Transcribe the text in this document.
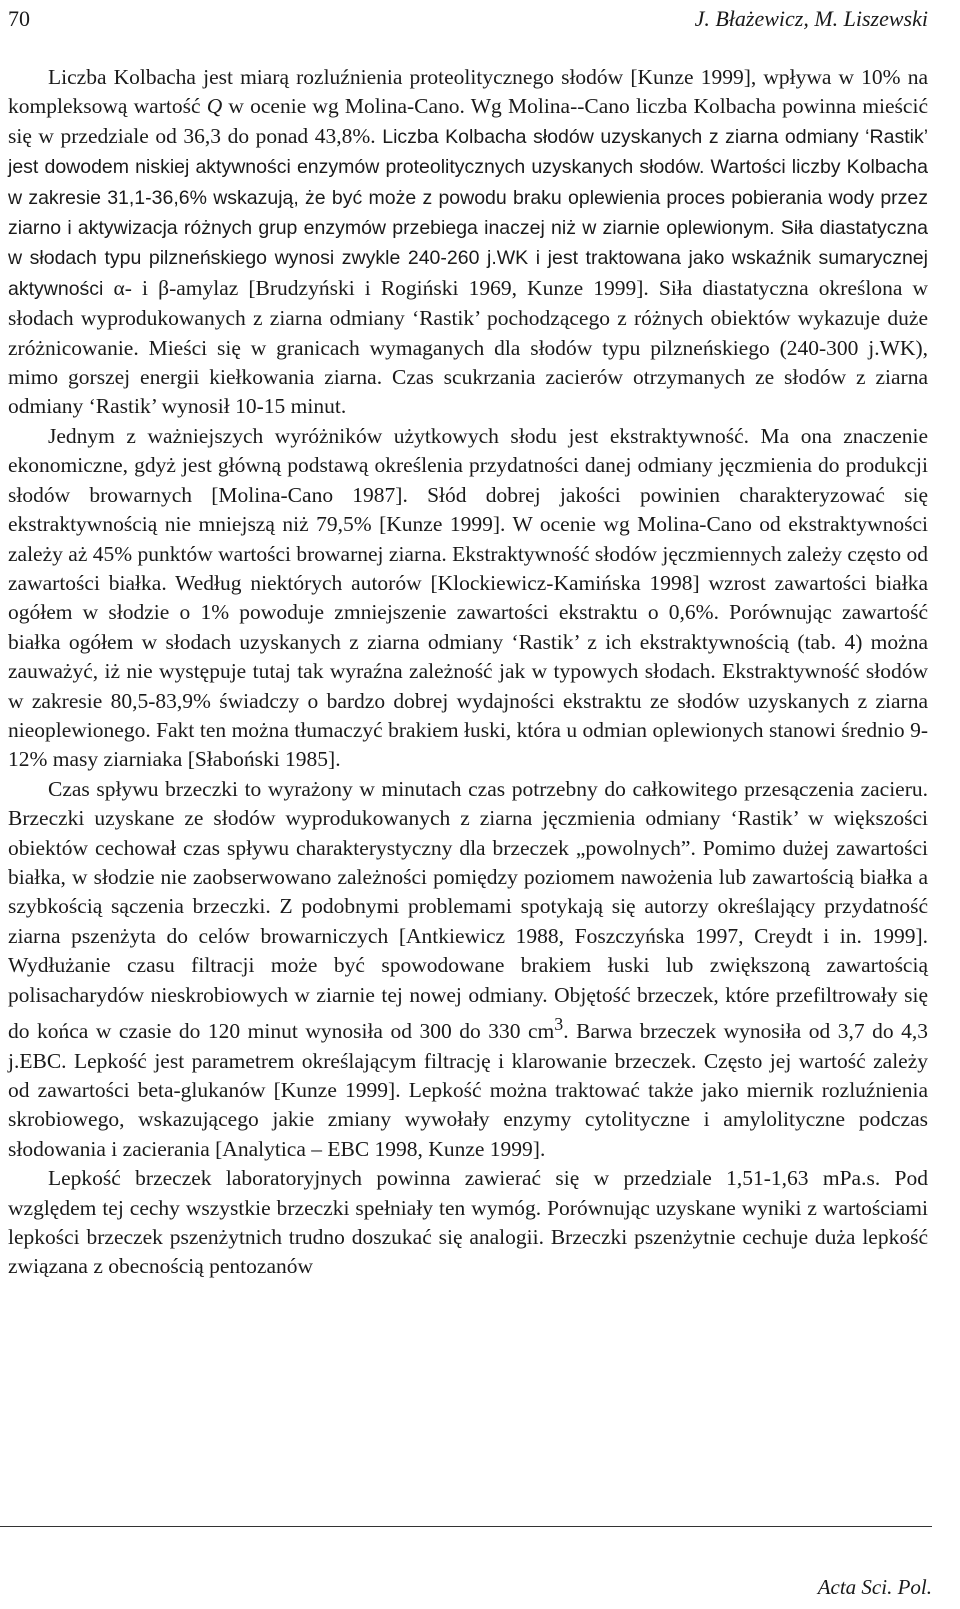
70	J. Błażewicz, M. Liszewski

Liczba Kolbacha jest miarą rozluźnienia proteolitycznego słodów [Kunze 1999], wpływa w 10% na kompleksową wartość Q w ocenie wg Molina-Cano. Wg Molina--Cano liczba Kolbacha powinna mieścić się w przedziale od 36,3 do ponad 43,8%. Liczba Kolbacha słodów uzyskanych z ziarna odmiany ‘Rastik’ jest dowodem niskiej aktywności enzymów proteolitycznych uzyskanych słodów. Wartości liczby Kolbacha w zakresie 31,1-36,6% wskazują, że być może z powodu braku oplewienia proces pobierania wody przez ziarno i aktywizacja różnych grup enzymów przebiega inaczej niż w ziarnie oplewionym. Siła diastatyczna w słodach typu pilzneńskiego wynosi zwykle 240-260 j.WK i jest traktowana jako wskaźnik sumarycznej aktywności α- i β-amylaz [Brudzyński i Rogiński 1969, Kunze 1999]. Siła diastatyczna określona w słodach wyprodukowanych z ziarna odmiany ‘Rastik’ pochodzącego z różnych obiektów wykazuje duże zróżnicowanie. Mieści się w granicach wymaganych dla słodów typu pilzneńskiego (240-300 j.WK), mimo gorszej energii kiełkowania ziarna. Czas scukrzania zacierów otrzymanych ze słodów z ziarna odmiany ‘Rastik’ wynosił 10-15 minut.

Jednym z ważniejszych wyróżników użytkowych słodu jest ekstraktywność. Ma ona znaczenie ekonomiczne, gdyż jest główną podstawą określenia przydatności danej odmiany jęczmienia do produkcji słodów browarnych [Molina-Cano 1987]. Słód dobrej jakości powinien charakteryzować się ekstraktywnością nie mniejszą niż 79,5% [Kunze 1999]. W ocenie wg Molina-Cano od ekstraktywności zależy aż 45% punktów wartości browarnej ziarna. Ekstraktywność słodów jęczmiennych zależy często od zawartości białka. Według niektórych autorów [Klockiewicz-Kamińska 1998] wzrost zawartości białka ogółem w słodzie o 1% powoduje zmniejszenie zawartości ekstraktu o 0,6%. Porównując zawartość białka ogółem w słodach uzyskanych z ziarna odmiany ‘Rastik’ z ich ekstraktywnością (tab. 4) można zauważyć, iż nie występuje tutaj tak wyraźna zależność jak w typowych słodach. Ekstraktywność słodów w zakresie 80,5-83,9% świadczy o bardzo dobrej wydajności ekstraktu ze słodów uzyskanych z ziarna nieoplewionego. Fakt ten można tłumaczyć brakiem łuski, która u odmian oplewionych stanowi średnio 9-12% masy ziarniaka [Słaboński 1985].

Czas spływu brzeczki to wyrażony w minutach czas potrzebny do całkowitego przesączenia zacieru. Brzeczki uzyskane ze słodów wyprodukowanych z ziarna jęczmienia odmiany ‘Rastik’ w większości obiektów cechował czas spływu charakterystyczny dla brzeczek „powolnych”. Pomimo dużej zawartości białka, w słodzie nie zaobserwowano zależności pomiędzy poziomem nawożenia lub zawartością białka a szybkością sączenia brzeczki. Z podobnymi problemami spotykają się autorzy określający przydatność ziarna pszenżyta do celów browarniczych [Antkiewicz 1988, Foszczyńska 1997, Creydt i in. 1999]. Wydłużanie czasu filtracji może być spowodowane brakiem łuski lub zwiększoną zawartością polisacharydów nieskrobiowych w ziarnie tej nowej odmiany. Objętość brzeczek, które przefiltrowały się do końca w czasie do 120 minut wynosiła od 300 do 330 $cm^3$. Barwa brzeczek wynosiła od 3,7 do 4,3 j.EBC. Lepkość jest parametrem określającym filtrację i klarowanie brzeczek. Często jej wartość zależy od zawartości beta-glukanów [Kunze 1999]. Lepkość można traktować także jako miernik rozluźnienia skrobiowego, wskazującego jakie zmiany wywołały enzymy cytolityczne i amylolityczne podczas słodowania i zacierania [Analytica – EBC 1998, Kunze 1999].

Lepkość brzeczek laboratoryjnych powinna zawierać się w przedziale 1,51-1,63 mPa.s. Pod względem tej cechy wszystkie brzeczki spełniały ten wymóg. Porównując uzyskane wyniki z wartościami lepkości brzeczek pszenżytnich trudno doszukać się analogii. Brzeczki pszenżytnie cechuje duża lepkość związana z obecnością pentozanów

Acta Sci. Pol.
